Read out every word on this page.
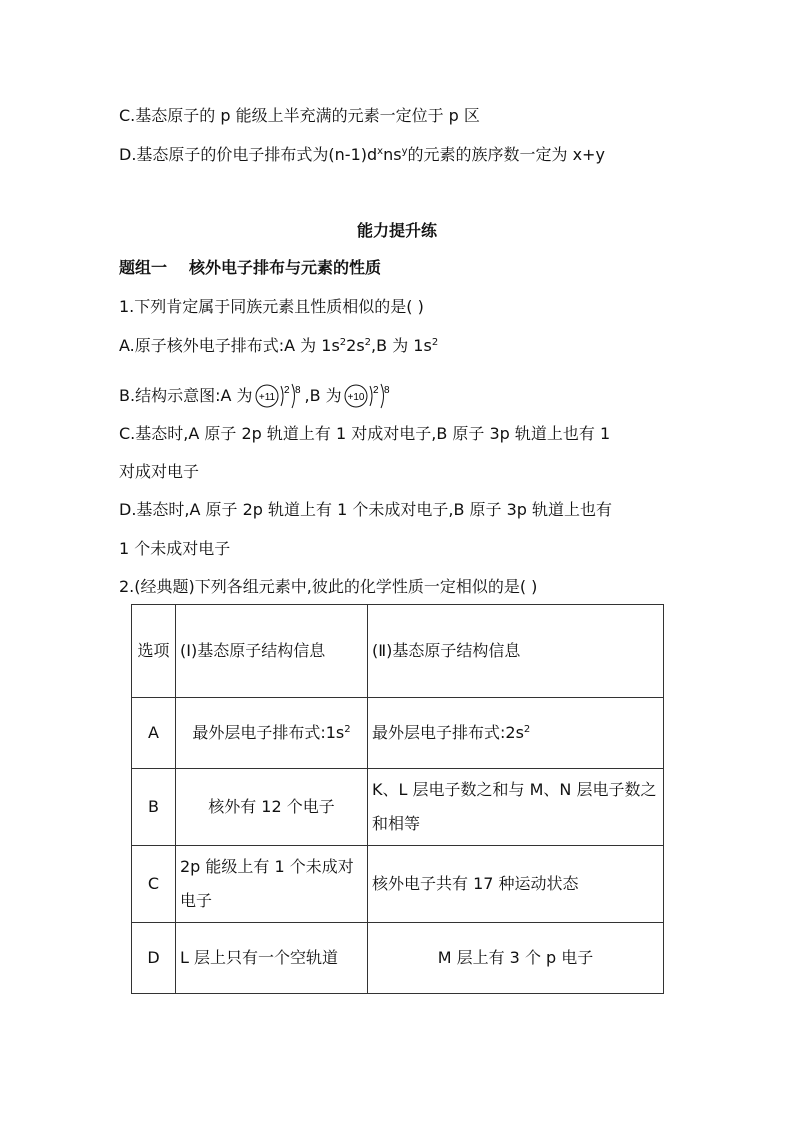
C.基态原子的 p 能级上半充满的元素一定位于 p 区
D.基态原子的价电子排布式为$(n-1)d^xns^y$的元素的族序数一定为 x+y
能力提升练
题组一 核外电子排布与元素的性质
1.下列肯定属于同族元素且性质相似的是( )
A.原子核外电子排布式:A 为 $1s^22s^2,B$ 为 $1s^2$
B.结构示意图:A 为 +11
2 8 ,B 为 +10
2 8
C.基态时,A 原子 2p 轨道上有 1 对成对电子,B 原子 3p 轨道上也有 1
对成对电子
D.基态时,A 原子 2p 轨道上有 1 个未成对电子,B 原子 3p 轨道上也有
1 个未成对电子
2.(经典题)下列各组元素中,彼此的化学性质一定相似的是( )
选项	(Ⅰ)基态原子结构信息	(Ⅱ)基态原子结构信息
A	最外层电子排布式$:1s^2$	最外层电子排布式$:2s^2$
B	核外有 12 个电子	K、L 层电子数之和与 M、N 层电子数之和相等
C	2p 能级上有 1 个未成对电子	核外电子共有 17 种运动状态
D	L 层上只有一个空轨道	M 层上有 3 个 p 电子
